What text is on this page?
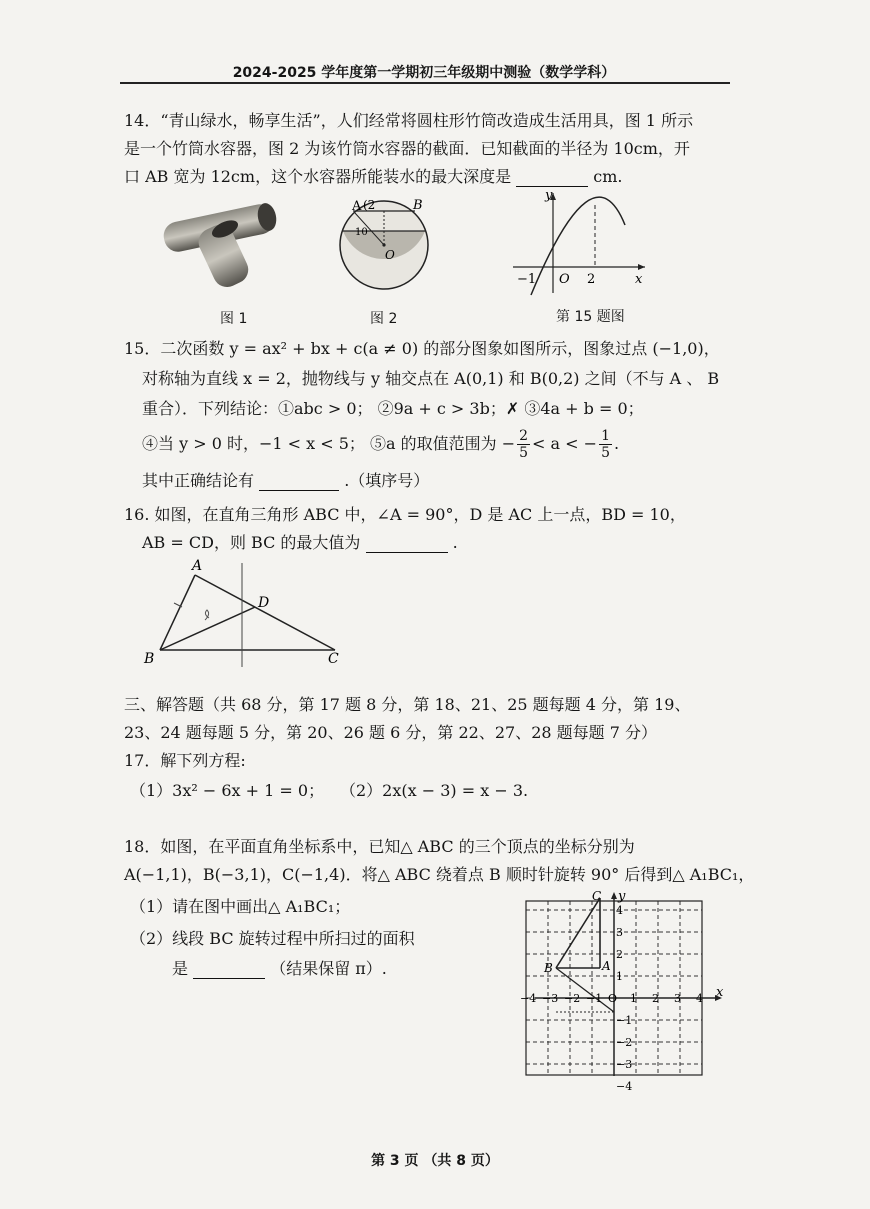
2024-2025 学年度第一学期初三年级期中测验（数学学科）
14．“青山绿水，畅享生活”，人们经常将圆柱形竹筒改造成生活用具，图 1 所示
是一个竹筒水容器，图 2 为该竹筒水容器的截面．已知截面的半径为 10cm，开
口 AB 宽为 12cm，这个水容器所能装水的最大深度是	cm.
图 1
A	B
O
(2
10
图 2
y
x
−1 O 2
第 15 题图
15．二次函数 y = ax² + bx + c(a ≠ 0) 的部分图象如图所示，图象过点 (−1,0)，
对称轴为直线 x = 2，抛物线与 y 轴交点在 A(0,1) 和 B(0,2) 之间（不与 A 、 B
重合）．下列结论：①abc > 0； ②9a + c > 3b；✗ ③4a + b = 0；
④当 y > 0 时，−1 < x < 5； ⑤a 的取值范围为 − $\frac{2}{5} < a$ < − $\frac{1}{5}$ .
其中正确结论有	.（填序号）
16. 如图，在直角三角形 ABC 中，∠A = 90°，D 是 AC 上一点，BD = 10，
AB = CD，则 BC 的最大值为	.
A
B	C
D
三、解答题（共 68 分，第 17 题 8 分，第 18、21、25 题每题 4 分，第 19、
23、24 题每题 5 分，第 20、26 题 6 分，第 22、27、28 题每题 7 分）
17．解下列方程:
（1）3x² − 6x + 1 = 0； （2）2x(x − 3) = x − 3.
18．如图，在平面直角坐标系中，已知△ ABC 的三个顶点的坐标分别为
A(−1,1)，B(−3,1)，C(−1,4)．将△ ABC 绕着点 B 顺时针旋转 90° 后得到△ A₁BC₁，
（1）请在图中画出△ A₁BC₁；
（2）线段 BC 旋转过程中所扫过的面积
是	（结果保留 π）.
−4 −3 −2 −1 O 1 2 3 4
4
3
2
1
−1
−2
−3
−4
x
y
A
B
C
第 3 页 （共 8 页）
